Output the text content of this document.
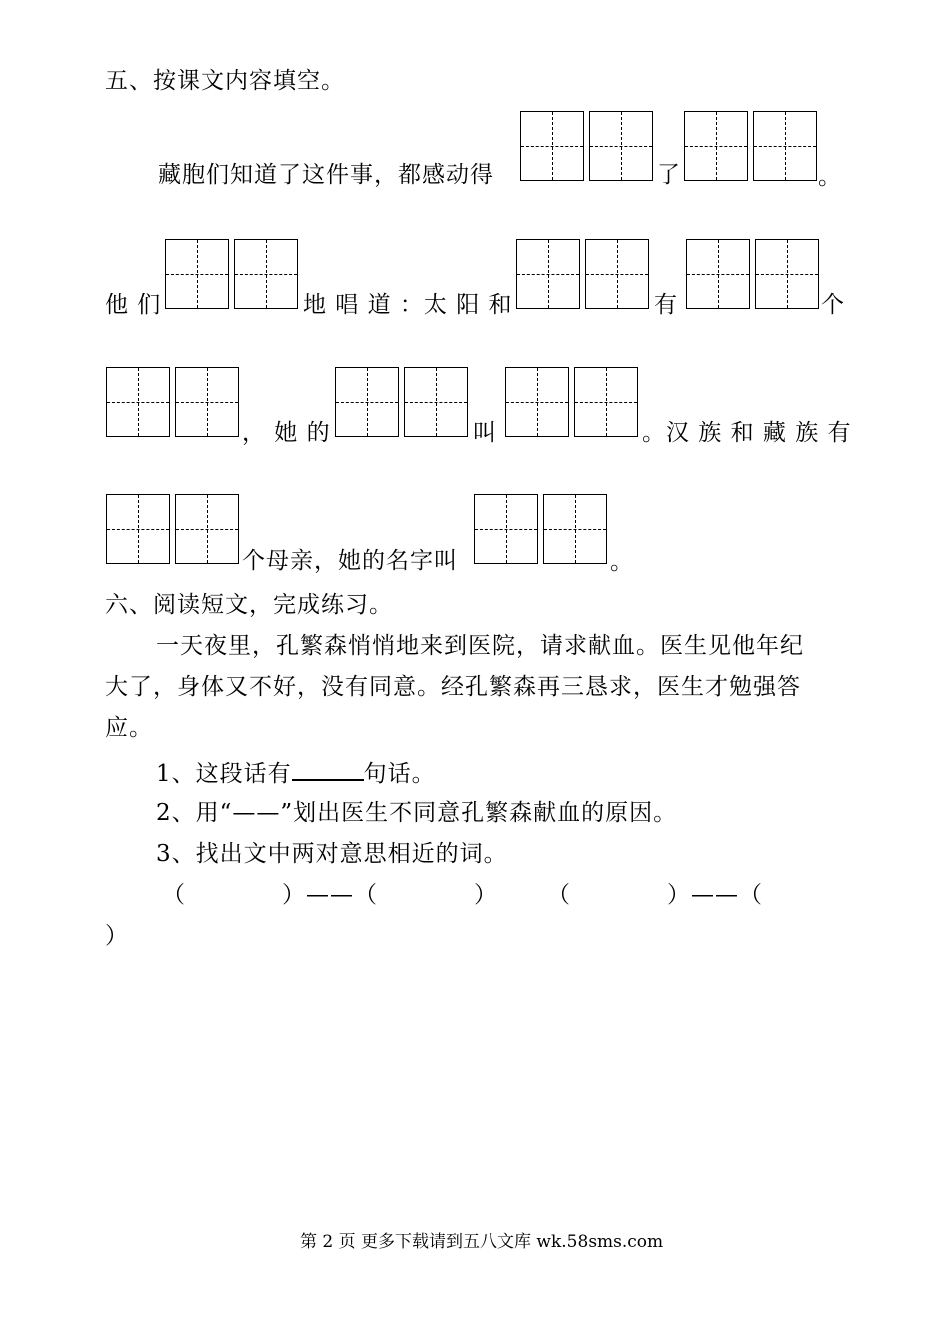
五、按课文内容填空。
藏胞们知道了这件事，都感动得	了	。
他 们	地 唱 道 ：太 阳 和	有	个
， 她 的	叫	。汉 族 和 藏 族 有
个母亲，她的名字叫	。
六、阅读短文，完成练习。
一天夜里，孔繁森悄悄地来到医院，请求献血。医生见他年纪
大了，身体又不好，没有同意。经孔繁森再三恳求，医生才勉强答
应。
1、这段话有	句话。
2、用“——”划出医生不同意孔繁森献血的原因。
3、找出文中两对意思相近的词。
（　　　　）——（　　　　）　　　（　　　　）——（
）
第 2 页 更多下载请到五八文库 wk.58sms.com
